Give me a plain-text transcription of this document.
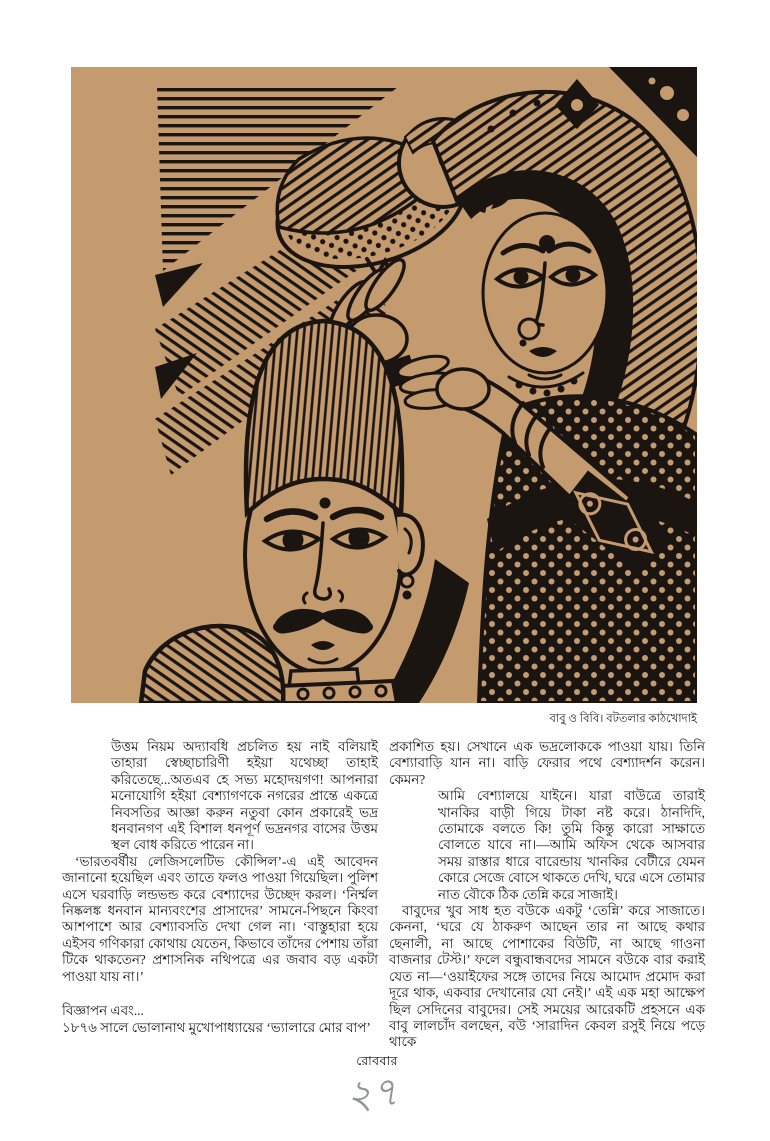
বাবু ও বিবি। বটতলার কাঠখোদাই

উত্তম নিয়ম অদ্যাবধি প্রচলিত হয় নাই বলিয়াই তাহারা স্বেচ্ছাচারিণী হইয়া যথেচ্ছা তাহাই করিতেছে...অতএব হে সভ্য মহোদয়গণ! আপনারা মনোযোগি হইয়া বেশ্যাগণকে নগরের প্রান্তে একত্রে নিবসতির আজ্ঞা করুন নতুবা কোন প্রকারেই ভদ্র ধনবানগণ এই বিশাল ধনপূর্ণ ভদ্রনগর বাসের উত্তম স্থল বোধ করিতে পারেন না।

‘ভারতবর্ষীয় লেজিসলেটিভ কৌন্সিল’-এ এই আবেদন জানানো হয়েছিল এবং তাতে ফলও পাওয়া গিয়েছিল। পুলিশ এসে ঘরবাড়ি লন্ডভন্ড করে বেশ্যাদের উচ্ছেদ করল। ‘নির্ম্মল নিষ্কলঙ্ক ধনবান মান্যবংশের প্রাসাদের’ সামনে-পিছনে কিংবা আশপাশে আর বেশ্যাবসতি দেখা গেল না। ‘বাস্তুহারা হয়ে এইসব গণিকারা কোথায় যেতেন, কিভাবে তাঁদের পেশায় তাঁরা টিকে থাকতেন? প্রশাসনিক নথিপত্রে এর জবাব বড় একটা পাওয়া যায় না।’

বিজ্ঞাপন এবং...

১৮৭৬ সালে ভোলানাথ মুখোপাধ্যায়ের ‘ভ্যালারে মোর বাপ’

প্রকাশিত হয়। সেখানে এক ভদ্রলোককে পাওয়া যায়। তিনি বেশ্যাবাড়ি যান না। বাড়ি ফেরার পথে বেশ্যাদর্শন করেন। কেমন?

আমি বেশ্যালয়ে যাইনে। যারা বাউত্রে তারাই খানকির বাড়ী গিয়ে টাকা নষ্ট করে। ঠানদিদি, তোমাকে বলতে কি! তুমি কিন্তু কারো সাক্ষাতে বোলতে যাবে না।—আমি অফিস থেকে আসবার সময় রাস্তার ধারে বারেন্ডায় খানকির বেটীরে যেমন কোরে সেজে বোসে থাকতে দেখি, ঘরে এসে তোমার নাত বৌকে ঠিক তেন্নি করে সাজাই।

বাবুদের খুব সাধ হত বউকে একটু ‘তেন্নি’ করে সাজাতে। কেননা, ‘ঘরে যে ঠাকরুণ আছেন তার না আছে কথার ছেনালী, না আছে পোশাকের বিউটি, না আছে গাওনা বাজনার টেস্ট।’ ফলে বন্ধুবান্ধবদের সামনে বউকে বার করাই যেত না—‘ওয়াইফের সঙ্গে তাদের নিয়ে আমোদ প্রমোদ করা দূরে থাক, একবার দেখানোর যো নেই।’ এই এক মহা আক্ষেপ ছিল সেদিনের বাবুদের। সেই সময়ের আরেকটি প্রহসনে এক বাবু লালচাঁদ বলছেন, বউ ‘সারাদিন কেবল রসুই নিয়ে পড়ে থাকে

রোববার
২৭
